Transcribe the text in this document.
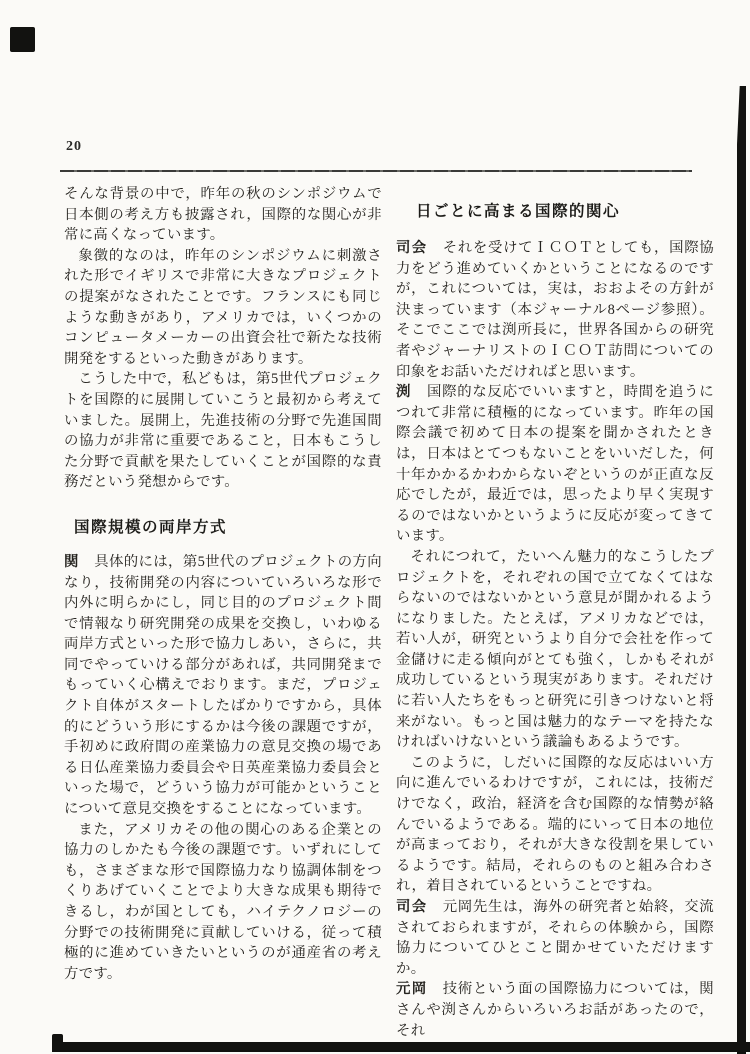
20

そんな背景の中で，昨年の秋のシンポジウムで日本側の考え方も披露され，国際的な関心が非常に高くなっています。

象徴的なのは，昨年のシンポジウムに刺激された形でイギリスで非常に大きなプロジェクトの提案がなされたことです。フランスにも同じような動きがあり，アメリカでは，いくつかのコンピュータメーカーの出資会社で新たな技術開発をするといった動きがあります。

こうした中で，私どもは，第5世代プロジェクトを国際的に展開していこうと最初から考えていました。展開上，先進技術の分野で先進国間の協力が非常に重要であること，日本もこうした分野で貢献を果たしていくことが国際的な責務だという発想からです。

国際規模の両岸方式

関　具体的には，第5世代のプロジェクトの方向なり，技術開発の内容についていろいろな形で内外に明らかにし，同じ目的のプロジェクト間で情報なり研究開発の成果を交換し，いわゆる両岸方式といった形で協力しあい，さらに，共同でやっていける部分があれば，共同開発までもっていく心構えでおります。まだ，プロジェクト自体がスタートしたばかりですから，具体的にどういう形にするかは今後の課題ですが，手初めに政府間の産業協力の意見交換の場である日仏産業協力委員会や日英産業協力委員会といった場で，どういう協力が可能かということについて意見交換をすることになっています。

また，アメリカその他の関心のある企業との協力のしかたも今後の課題です。いずれにしても，さまざまな形で国際協力なり協調体制をつくりあげていくことでより大きな成果も期待できるし，わが国としても，ハイテクノロジーの分野での技術開発に貢献していける，従って積極的に進めていきたいというのが通産省の考え方です。

日ごとに高まる国際的関心

司会　それを受けてＩＣＯＴとしても，国際協力をどう進めていくかということになるのですが，これについては，実は，おおよその方針が決まっています（本ジャーナル8ページ参照）。そこでここでは渕所長に，世界各国からの研究者やジャーナリストのＩＣＯＴ訪問についての印象をお話いただければと思います。

渕　国際的な反応でいいますと，時間を追うにつれて非常に積極的になっています。昨年の国際会議で初めて日本の提案を聞かされたときは，日本はとてつもないことをいいだした，何十年かかるかわからないぞというのが正直な反応でしたが，最近では，思ったより早く実現するのではないかというように反応が変ってきています。

それにつれて，たいへん魅力的なこうしたプロジェクトを，それぞれの国で立てなくてはならないのではないかという意見が聞かれるようになりました。たとえば，アメリカなどでは，若い人が，研究というより自分で会社を作って金儲けに走る傾向がとても強く，しかもそれが成功しているという現実があります。それだけに若い人たちをもっと研究に引きつけないと将来がない。もっと国は魅力的なテーマを持たなければいけないという議論もあるようです。

このように，しだいに国際的な反応はいい方向に進んでいるわけですが，これには，技術だけでなく，政治，経済を含む国際的な情勢が絡んでいるようである。端的にいって日本の地位が高まっており，それが大きな役割を果しているようです。結局，それらのものと組み合わされ，着目されているということですね。

司会　元岡先生は，海外の研究者と始終，交流されておられますが，それらの体験から，国際協力についてひとこと聞かせていただけますか。

元岡　技術という面の国際協力については，関さんや渕さんからいろいろお話があったので，それ
